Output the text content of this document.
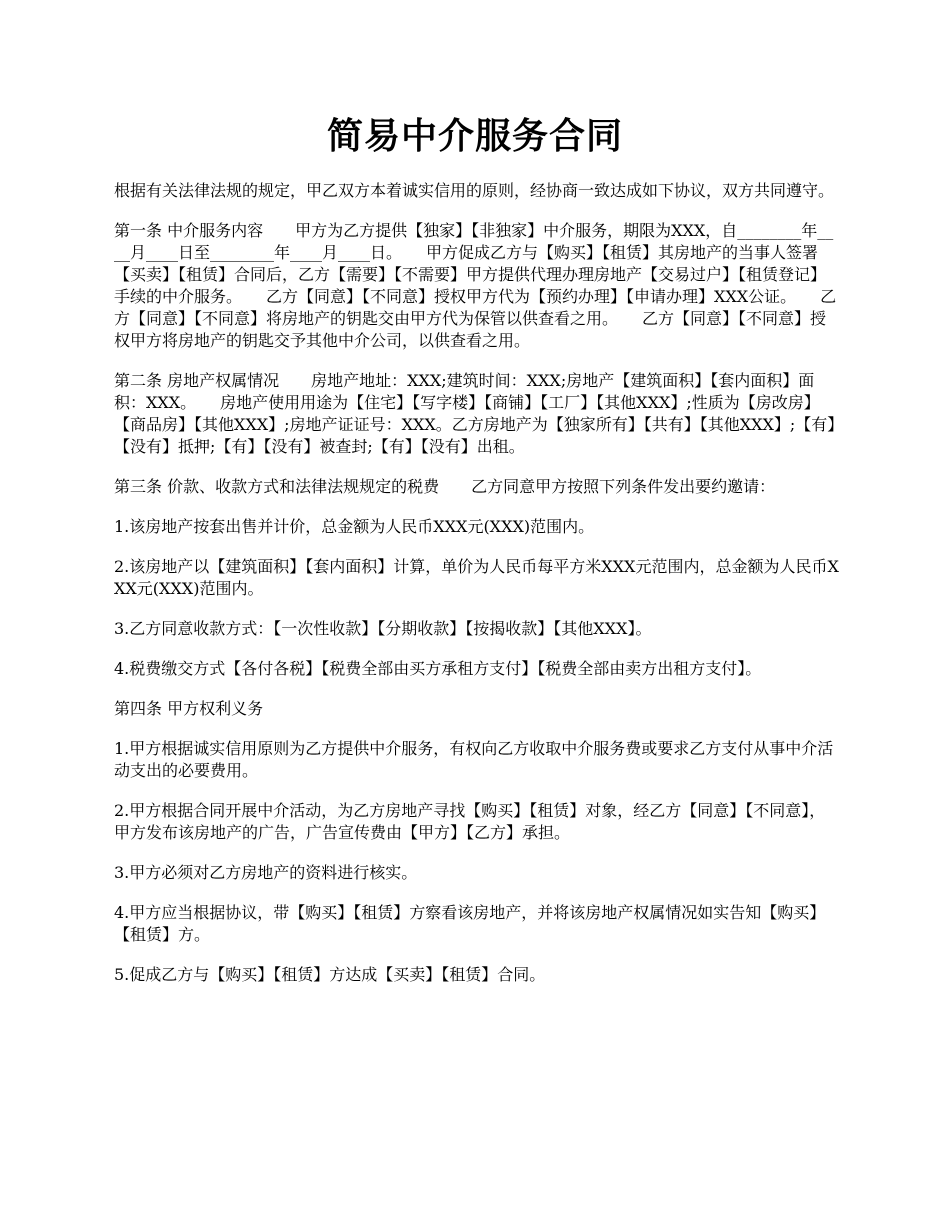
简易中介服务合同

根据有关法律法规的规定，甲乙双方本着诚实信用的原则，经协商一致达成如下协议，双方共同遵守。

第一条 中介服务内容　　甲方为乙方提供【独家】【非独家】中介服务，期限为XXX，自________年____月____日至________年____月____日。　　甲方促成乙方与【购买】【租赁】其房地产的当事人签署【买卖】【租赁】合同后，乙方【需要】【不需要】甲方提供代理办理房地产【交易过户】【租赁登记】手续的中介服务。　　乙方【同意】【不同意】授权甲方代为【预约办理】【申请办理】XXX公证。　　乙方【同意】【不同意】将房地产的钥匙交由甲方代为保管以供查看之用。　　乙方【同意】【不同意】授权甲方将房地产的钥匙交予其他中介公司，以供查看之用。

第二条 房地产权属情况　　房地产地址：XXX;建筑时间：XXX;房地产【建筑面积】【套内面积】面积：XXX。　　房地产使用用途为【住宅】【写字楼】【商铺】【工厂】【其他XXX】;性质为【房改房】【商品房】【其他XXX】;房地产证证号：XXX。乙方房地产为【独家所有】【共有】【其他XXX】;【有】【没有】抵押;【有】【没有】被查封;【有】【没有】出租。

第三条 价款、收款方式和法律法规规定的税费　　乙方同意甲方按照下列条件发出要约邀请：

1.该房地产按套出售并计价，总金额为人民币XXX元(XXX)范围内。

2.该房地产以【建筑面积】【套内面积】计算，单价为人民币每平方米XXX元范围内，总金额为人民币XXX元(XXX)范围内。

3.乙方同意收款方式：【一次性收款】【分期收款】【按揭收款】【其他XXX】。

4.税费缴交方式【各付各税】【税费全部由买方承租方支付】【税费全部由卖方出租方支付】。

第四条 甲方权利义务

1.甲方根据诚实信用原则为乙方提供中介服务，有权向乙方收取中介服务费或要求乙方支付从事中介活动支出的必要费用。

2.甲方根据合同开展中介活动，为乙方房地产寻找【购买】【租赁】对象，经乙方【同意】【不同意】，甲方发布该房地产的广告，广告宣传费由【甲方】【乙方】承担。

3.甲方必须对乙方房地产的资料进行核实。

4.甲方应当根据协议，带【购买】【租赁】方察看该房地产，并将该房地产权属情况如实告知【购买】【租赁】方。

5.促成乙方与【购买】【租赁】方达成【买卖】【租赁】合同。
